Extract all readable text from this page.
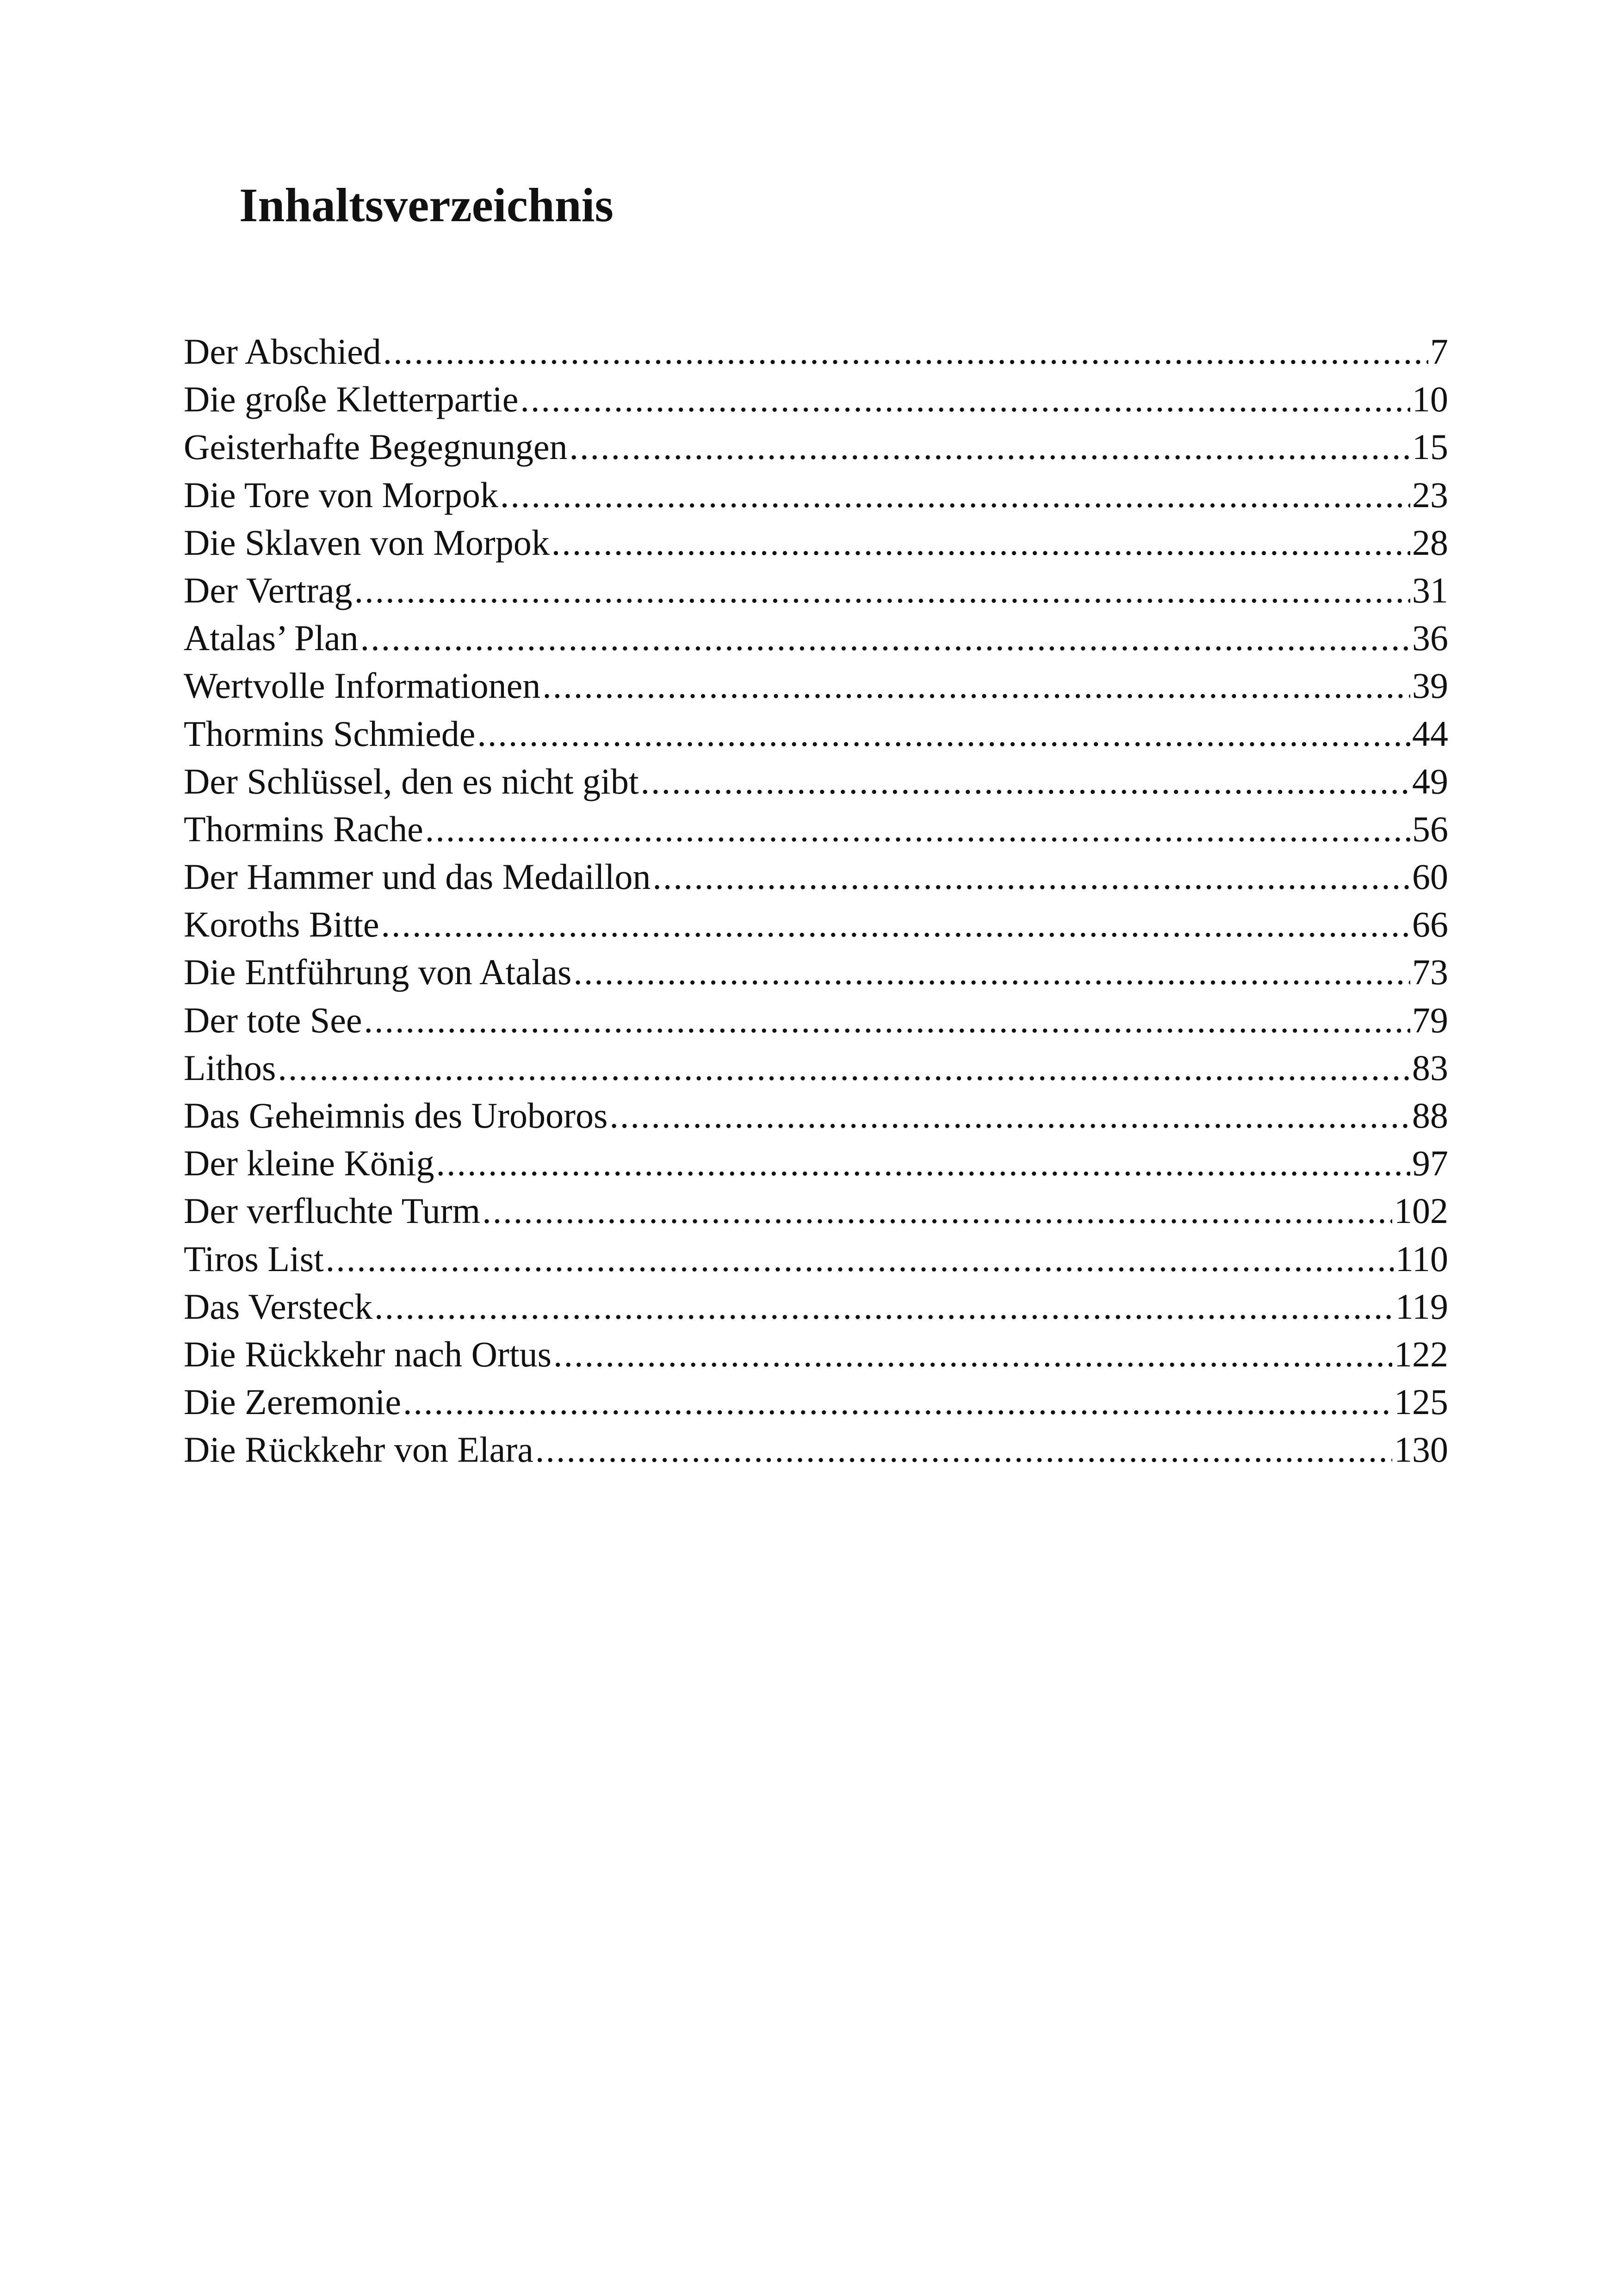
Inhaltsverzeichnis
Der Abschied .....	7
Die große Kletterpartie .....	10
Geisterhafte Begegnungen .....	15
Die Tore von Morpok .....	23
Die Sklaven von Morpok .....	28
Der Vertrag .....	31
Atalas’ Plan .....	36
Wertvolle Informationen .....	39
Thormins Schmiede .....	44
Der Schlüssel, den es nicht gibt .....	49
Thormins Rache .....	56
Der Hammer und das Medaillon .....	60
Koroths Bitte .....	66
Die Entführung von Atalas .....	73
Der tote See .....	79
Lithos .....	83
Das Geheimnis des Uroboros .....	88
Der kleine König .....	97
Der verfluchte Turm .....	102
Tiros List .....	110
Das Versteck .....	119
Die Rückkehr nach Ortus .....	122
Die Zeremonie .....	125
Die Rückkehr von Elara .....	130
